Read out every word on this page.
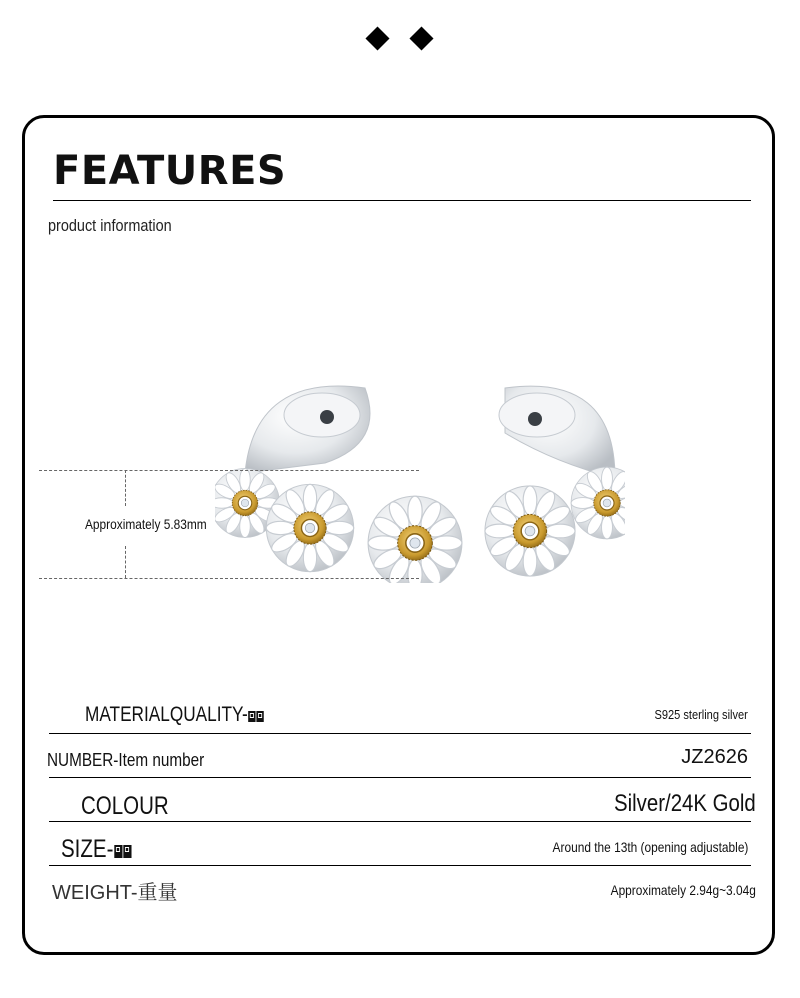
FEATURES
product information
Approximately 5.83mm
MATERIALQUALITY-	S925 sterling silver
NUMBER-Item number	JZ2626
COLOUR	Silver/24K Gold
SIZE-	Around the 13th (opening adjustable)
WEIGHT-重量	Approximately 2.94g~3.04g
